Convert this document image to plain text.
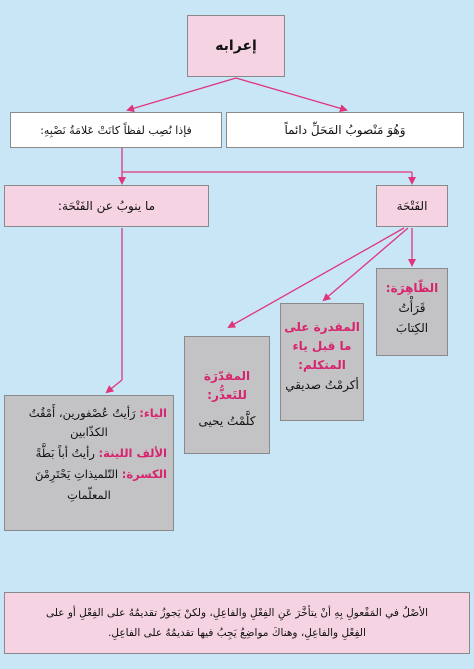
إعرابه
فإذا نُصِب لفظاً كانَتْ عَلامَةُ نَصْبِهِ:	وَهُوَ مَنْصوبُ المَحَلِّ دائماً
ما ينوبُ عن الفَتْحَة:	الفَتْحَة
الظّاهِرَة:
قَرَأْتُ
الكِتابَ
المقدرة على
ما قبل ياء
المتكلم:
أكرمْتُ صديقي
المقدّرَة
للتَعذُّر:
كلَّمْتُ يحيى
الياء: رَأيتُ عُصْفورين، أَمْقُتُ
الكذّابين
الألف اللينة: رأيتُ أباً بَطَّةً
الكسرة: التّلميذاتِ يَحْتَرِمْنَ
المعلّماتِ
الأصْلُ في المَفْعولِ بِهِ أنْ يتأخَّرَ عَنِ الفِعْلِ والفاعِلِ، ولكنْ يَجوزُ تقديمُهُ على الفِعْلِ أو على
الفِعْلِ والفاعِلِ، وهناكَ مواضِعُ يَجِبُ فيها تقديمُهُ على الفاعِلِ.
